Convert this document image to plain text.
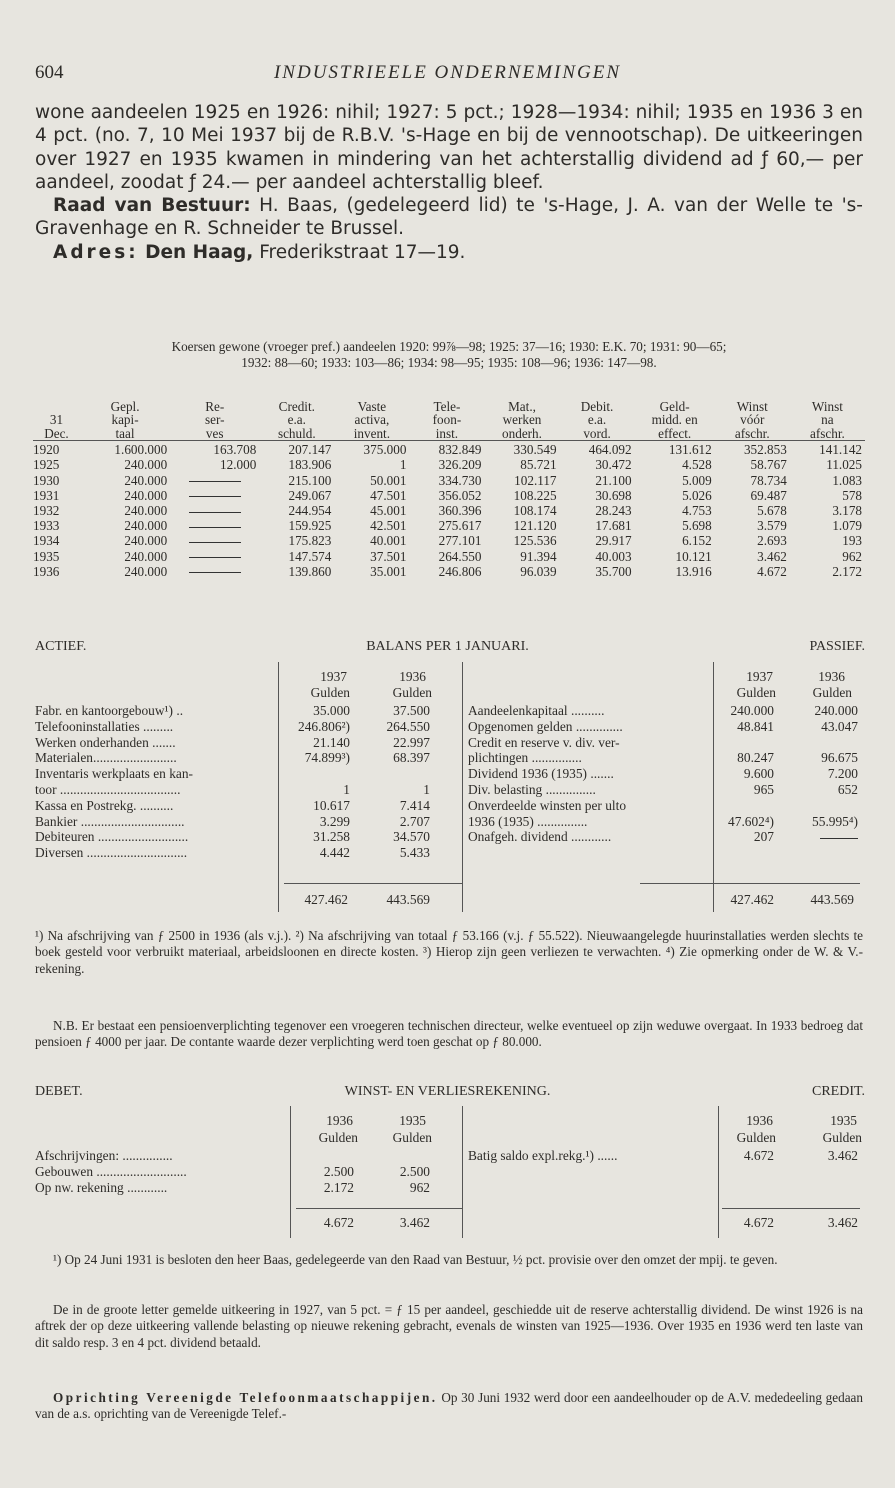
604	INDUSTRIEELE ONDERNEMINGEN

wone aandeelen 1925 en 1926: nihil; 1927: 5 pct.; 1928—1934: nihil; 1935 en 1936 3 en 4 pct. (no. 7, 10 Mei 1937 bij de R.B.V. 's-Hage en bij de vennootschap). De uitkeeringen over 1927 en 1935 kwamen in mindering van het achterstallig dividend ad ƒ 60,— per aandeel, zoodat ƒ 24.— per aandeel achterstallig bleef.

Raad van Bestuur: H. Baas, (gedelegeerd lid) te 's-Hage, J. A. van der Welle te 's-Gravenhage en R. Schneider te Brussel.

Adres: Den Haag, Frederikstraat 17—19.

Koersen gewone (vroeger pref.) aandeelen 1920: 99⅞—98; 1925: 37—16; 1930: E.K. 70; 1931: 90—65;
1932: 88—60; 1933: 103—86; 1934: 98—95; 1935: 108—96; 1936: 147—98.
	Gepl.	Re-	Credit.	Vaste	Tele-	Mat.,	Debit.	Geld-	Winst	Winst
31	kapi-	ser-	e.a.	activa,	foon-	werken	e.a.	midd. en	vóór	na
Dec.	taal	ves	schuld.	invent.	inst.	onderh.	vord.	effect.	afschr.	afschr.
1920	1.600.000	163.708	207.147	375.000	832.849	330.549	464.092	131.612	352.853	141.142
1925	240.000	12.000	183.906	1	326.209	85.721	30.472	4.528	58.767	11.025
1930	240.000		215.100	50.001	334.730	102.117	21.100	5.009	78.734	1.083
1931	240.000		249.067	47.501	356.052	108.225	30.698	5.026	69.487	578
1932	240.000		244.954	45.001	360.396	108.174	28.243	4.753	5.678	3.178
1933	240.000		159.925	42.501	275.617	121.120	17.681	5.698	3.579	1.079
1934	240.000		175.823	40.001	277.101	125.536	29.917	6.152	2.693	193
1935	240.000		147.574	37.501	264.550	91.394	40.003	10.121	3.462	962
1936	240.000		139.860	35.001	246.806	96.039	35.700	13.916	4.672	2.172
ACTIEF.	BALANS PER 1 JANUARI.	PASSIEF.
1937	1936
Gulden	Gulden
1937	1936
Gulden	Gulden
Fabr. en kantoorgebouw¹) ..	35.000	37.500
Telefooninstallaties .........	246.806²)	264.550
Werken onderhanden .......	21.140	22.997
Materialen.........................	74.899³)	68.397
Inventaris werkplaats en kan-
toor ....................................	1	1
Kassa en Postrekg. ..........	10.617	7.414
Bankier ...............................	3.299	2.707
Debiteuren ...........................	31.258	34.570
Diversen ..............................	4.442	5.433
Aandeelenkapitaal ..........	240.000	240.000
Opgenomen gelden ..............	48.841	43.047
Credit en reserve v. div. ver-
plichtingen ...............	80.247	96.675
Dividend 1936 (1935) .......	9.600	7.200
Div. belasting ...............	965	652
Onverdeelde winsten per ulto
1936 (1935) ...............	47.602⁴)	55.995⁴)
Onafgeh. dividend ............	207
427.462	443.569	427.462	443.569
¹) Na afschrijving van ƒ 2500 in 1936 (als v.j.). ²) Na afschrijving van totaal ƒ 53.166 (v.j. ƒ 55.522). Nieuwaangelegde huurinstallaties werden slechts te boek gesteld voor verbruikt materiaal, arbeidsloonen en directe kosten. ³) Hierop zijn geen verliezen te verwachten. ⁴) Zie opmerking onder de W. & V.-rekening.
N.B. Er bestaat een pensioenverplichting tegenover een vroegeren technischen directeur, welke eventueel op zijn weduwe overgaat. In 1933 bedroeg dat pensioen ƒ 4000 per jaar. De contante waarde dezer verplichting werd toen geschat op ƒ 80.000.
DEBET.	WINST- EN VERLIESREKENING.	CREDIT.
1936	1935
Gulden	Gulden
1936	1935
Gulden	Gulden
Afschrijvingen: ...............
Gebouwen ...........................	2.500	2.500
Op nw. rekening ............	2.172	962
Batig saldo expl.rekg.¹) ......	4.672	3.462
4.672	3.462	4.672	3.462
¹) Op 24 Juni 1931 is besloten den heer Baas, gedelegeerde van den Raad van Bestuur, ½ pct. provisie over den omzet der mpij. te geven.
De in de groote letter gemelde uitkeering in 1927, van 5 pct. = ƒ 15 per aandeel, geschiedde uit de reserve achterstallig dividend. De winst 1926 is na aftrek der op deze uitkeering vallende belasting op nieuwe rekening gebracht, evenals de winsten van 1925—1936. Over 1935 en 1936 werd ten laste van dit saldo resp. 3 en 4 pct. dividend betaald.
Oprichting Vereenigde Telefoonmaatschappijen. Op 30 Juni 1932 werd door een aandeelhouder op de A.V. mededeeling gedaan van de a.s. oprichting van de Vereenigde Telef.-
